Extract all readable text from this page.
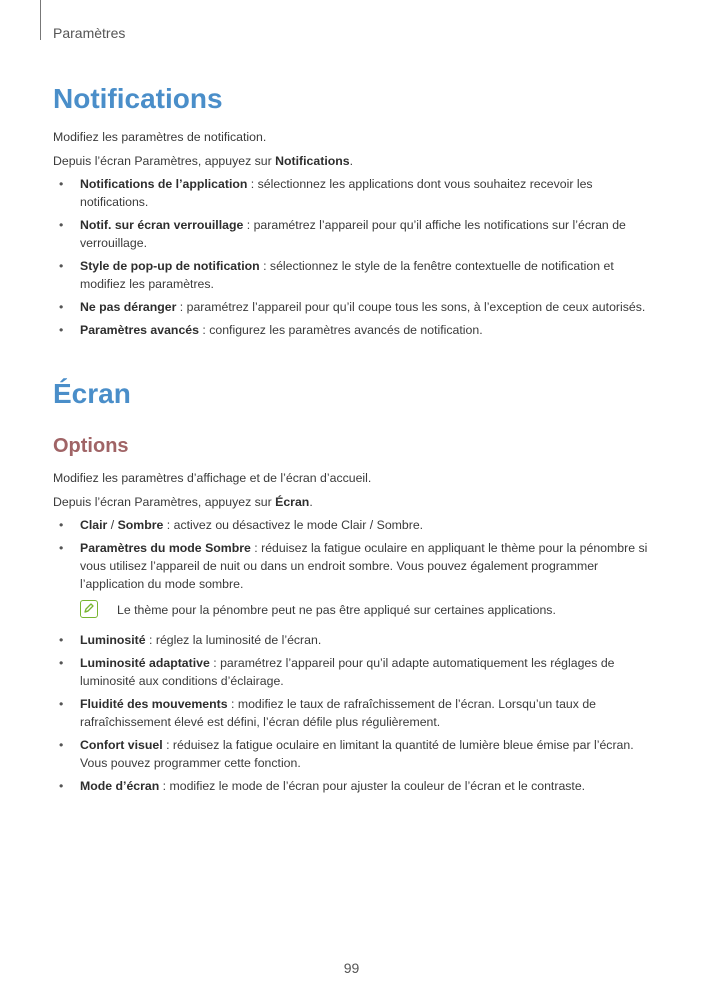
Paramètres
Notifications

Modifiez les paramètres de notification.

Depuis l’écran Paramètres, appuyez sur Notifications.

• Notifications de l’application : sélectionnez les applications dont vous souhaitez recevoir les notifications.
• Notif. sur écran verrouillage : paramétrez l’appareil pour qu’il affiche les notifications sur l’écran de verrouillage.
• Style de pop-up de notification : sélectionnez le style de la fenêtre contextuelle de notification et modifiez les paramètres.
• Ne pas déranger : paramétrez l’appareil pour qu’il coupe tous les sons, à l’exception de ceux autorisés.
• Paramètres avancés : configurez les paramètres avancés de notification.
Écran
Options

Modifiez les paramètres d’affichage et de l’écran d’accueil.

Depuis l’écran Paramètres, appuyez sur Écran.

• Clair / Sombre : activez ou désactivez le mode Clair / Sombre.
• Paramètres du mode Sombre : réduisez la fatigue oculaire en appliquant le thème pour la pénombre si vous utilisez l’appareil de nuit ou dans un endroit sombre. Vous pouvez également programmer l’application du mode sombre.
Le thème pour la pénombre peut ne pas être appliqué sur certaines applications.
• Luminosité : réglez la luminosité de l’écran.
• Luminosité adaptative : paramétrez l’appareil pour qu’il adapte automatiquement les réglages de luminosité aux conditions d’éclairage.
• Fluidité des mouvements : modifiez le taux de rafraîchissement de l’écran. Lorsqu’un taux de rafraîchissement élevé est défini, l’écran défile plus régulièrement.
• Confort visuel : réduisez la fatigue oculaire en limitant la quantité de lumière bleue émise par l’écran. Vous pouvez programmer cette fonction.
• Mode d’écran : modifiez le mode de l’écran pour ajuster la couleur de l’écran et le contraste.
99
